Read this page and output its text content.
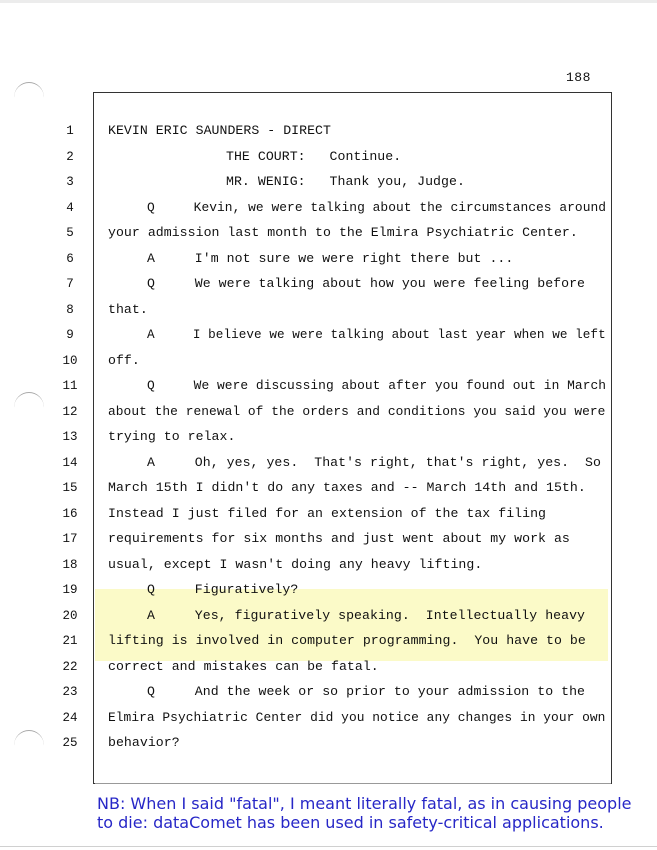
188
1	KEVIN ERIC SAUNDERS - DIRECT
2	THE COURT:   Continue.
3	MR. WENIG:   Thank you, Judge.
4	Q     Kevin, we were talking about the circumstances around
5	your admission last month to the Elmira Psychiatric Center.
6	A     I'm not sure we were right there but ...
7	Q     We were talking about how you were feeling before
8	that.
9	A     I believe we were talking about last year when we left
10	off.
11	Q     We were discussing about after you found out in March
12	about the renewal of the orders and conditions you said you were
13	trying to relax.
14	A     Oh, yes, yes.  That's right, that's right, yes.  So
15	March 15th I didn't do any taxes and -- March 14th and 15th.
16	Instead I just filed for an extension of the tax filing
17	requirements for six months and just went about my work as
18	usual, except I wasn't doing any heavy lifting.
19	Q     Figuratively?
20	A     Yes, figuratively speaking.  Intellectually heavy
21	lifting is involved in computer programming.  You have to be
22	correct and mistakes can be fatal.
23	Q     And the week or so prior to your admission to the
24	Elmira Psychiatric Center did you notice any changes in your own
25	behavior?
NB: When I said "fatal", I meant literally fatal, as in causing people to die: dataComet has been used in safety-critical applications.
